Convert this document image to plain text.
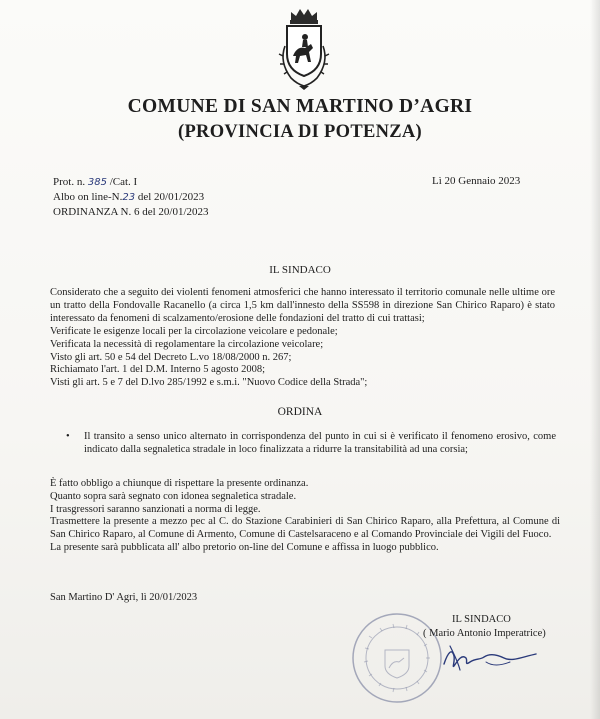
COMUNE DI SAN MARTINO D’AGRI
(PROVINCIA DI POTENZA)
Prot. n. 385 /Cat. I
Albo on line-N.23 del 20/01/2023
ORDINANZA N. 6 del 20/01/2023
Lì 20 Gennaio 2023
IL SINDACO

Considerato che a seguito dei violenti fenomeni atmosferici che hanno interessato il territorio comunale nelle ultime ore un tratto della Fondovalle Racanello (a circa 1,5 km dall'innesto della SS598 in direzione San Chirico Raparo) è stato interessato da fenomeni di scalzamento/erosione delle fondazioni del tratto di cui trattasi;

Verificate le esigenze locali per la circolazione veicolare e pedonale;
Verificata la necessità di regolamentare la circolazione veicolare;
Visto gli art. 50 e 54 del Decreto L.vo 18/08/2000 n. 267;
Richiamato l'art. 1 del D.M. Interno 5 agosto 2008;
Visti gli art. 5 e 7 del D.lvo 285/1992 e s.m.i. "Nuovo Codice della Strada";
ORDINA
• Il transito a senso unico alternato in corrispondenza del punto in cui si è verificato il fenomeno erosivo, come indicato dalla segnaletica stradale in loco finalizzata a ridurre la transitabilità ad una corsia;
È fatto obbligo a chiunque di rispettare la presente ordinanza.
Quanto sopra sarà segnato con idonea segnaletica stradale.
I trasgressori saranno sanzionati a norma di legge.
Trasmettere la presente a mezzo pec al C. do Stazione Carabinieri di San Chirico Raparo, alla Prefettura, al Comune di San Chirico Raparo, al Comune di Armento, Comune di Castelsaraceno e al Comando Provinciale dei Vigili del Fuoco.
La presente sarà pubblicata all' albo pretorio on-line del Comune e affissa in luogo pubblico.
San Martino D' Agri, lì 20/01/2023
IL SINDACO
( Mario Antonio Imperatrice)
